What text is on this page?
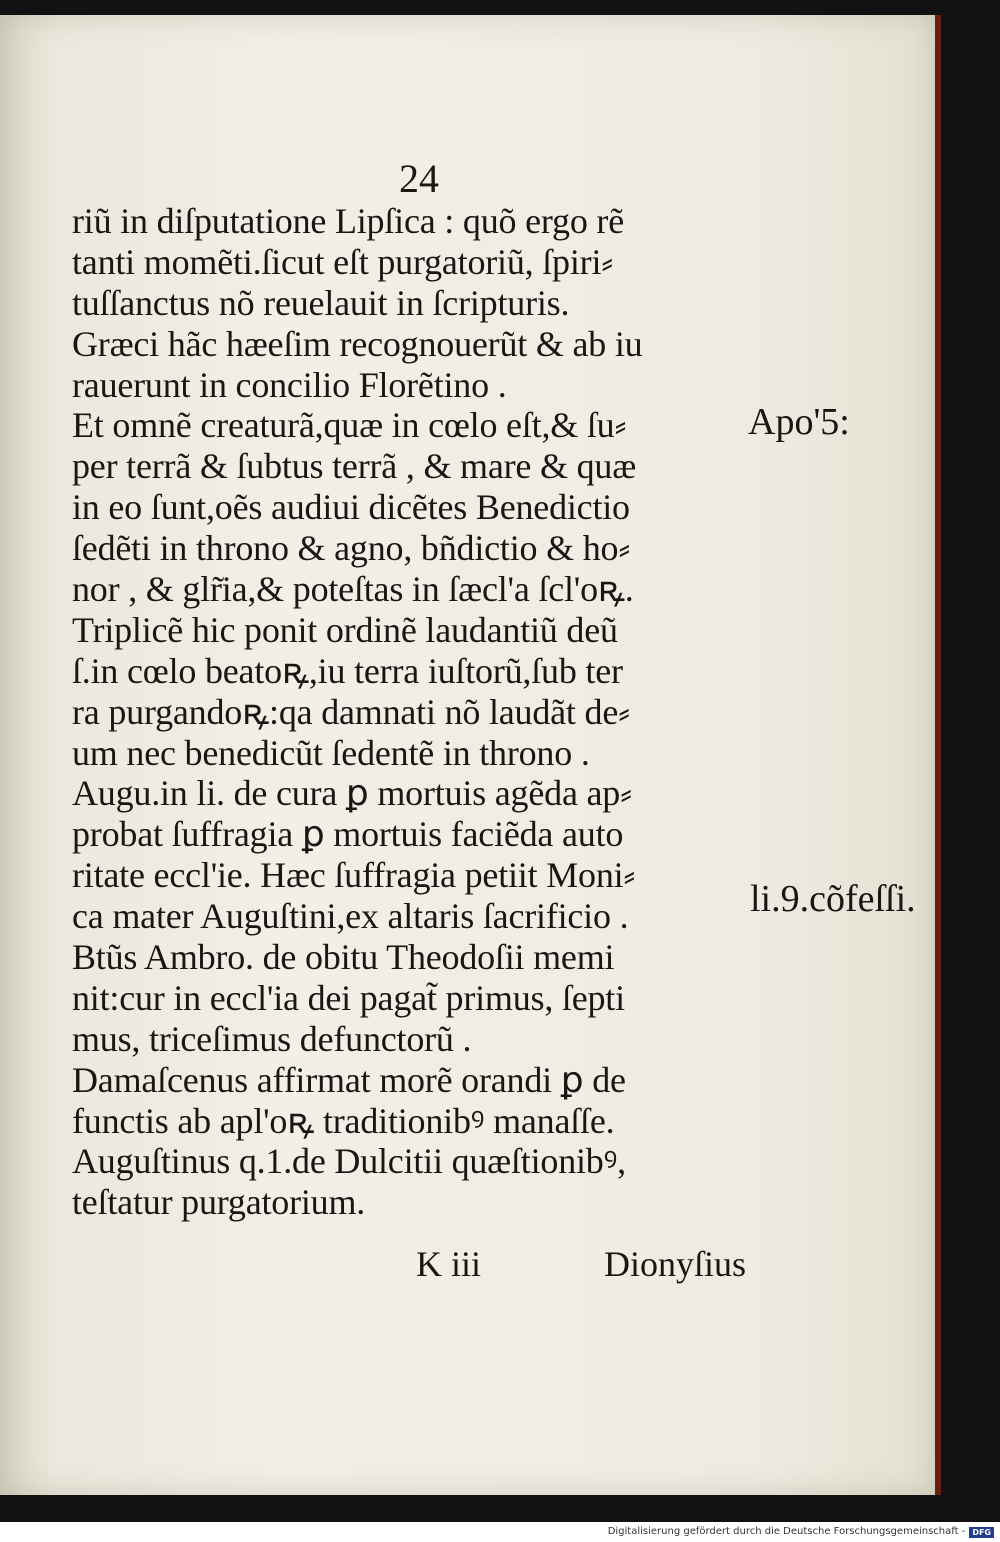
24

riũ in diſputatione Lipſica : quõ ergo rẽ
tanti momẽti.ſicut eſt purgatoriũ, ſpiri⸗
tuſſanctus nõ reuelauit in ſcripturis.
Græci hãc hæeſim recognouerũt & ab iu
rauerunt in concilio Florẽtino .
Et omnẽ creaturã,quæ in cœlo eſt,& ſu⸗
per terrã & ſubtus terrã , & mare & quæ
in eo ſunt,oẽs audiui dicẽtes Benedictio
ſedẽti in throno & agno, bñdictio & ho⸗
nor , & glr̃ia,& poteſtas in ſæcl'a ſcl'oꝶ.
Triplicẽ hic ponit ordinẽ laudantiũ deũ
ſ.in cœlo beatoꝶ,iu terra iuſtorũ,ſub ter
ra purgandoꝶ:qa damnati nõ laudãt de⸗
um nec benedicũt ſedentẽ in throno .
Augu.in li. de cura ꝑ mortuis agẽda ap⸗
probat ſuffragia ꝑ mortuis faciẽda auto
ritate eccl'ie. Hæc ſuffragia petiit Moni⸗
ca mater Auguſtini,ex altaris ſacrificio .
Btũs Ambro. de obitu Theodoſii memi
nit:cur in eccl'ia dei pagat̃ primus, ſepti
mus, triceſimus defunctorũ .
Damaſcenus affirmat morẽ orandi ꝑ de
functis ab apl'oꝶ traditionibꝰ manaſſe.
Auguſtinus q.1.de Dulcitii quæſtionibꝰ,
teſtatur purgatorium.

Apo'5:

li.9.cõfeſſi.

K iii	Dionyſius
Digitalisierung gefördert durch die Deutsche Forschungsgemeinschaft - DFG
